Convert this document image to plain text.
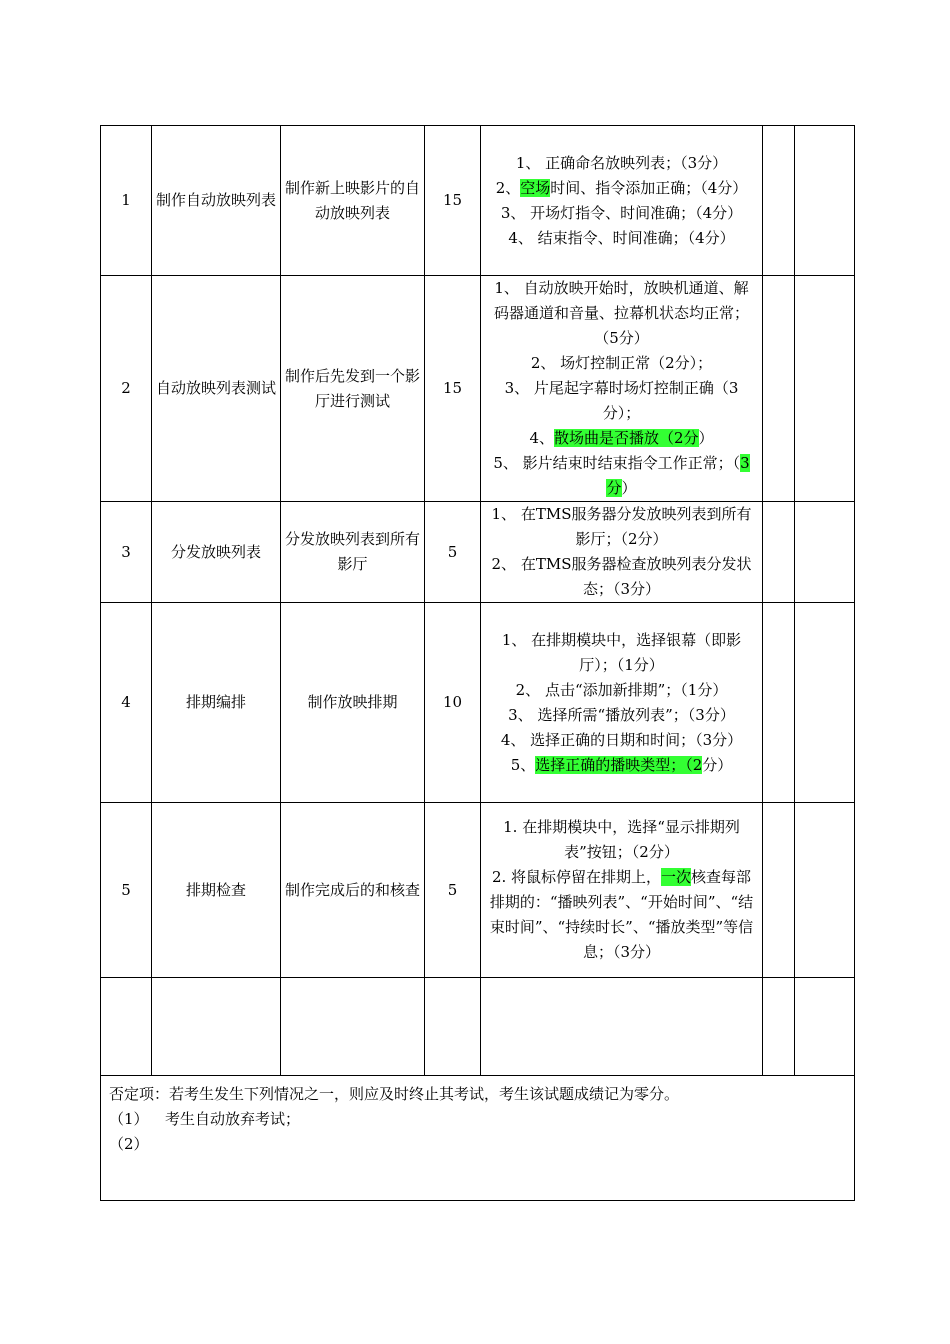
1	制作自动放映列表	制作新上映影片的自动放映列表	15	1、 正确命名放映列表；（3分）
2、空场时间、指令添加正确；（4分）
3、 开场灯指令、时间准确；（4分）
4、 结束指令、时间准确；（4分）		

2	自动放映列表测试	制作后先发到一个影厅进行测试	15	1、 自动放映开始时，放映机通道、解码器通道和音量、拉幕机状态均正常；（5分）
2、 场灯控制正常（2分）；
3、 片尾起字幕时场灯控制正确（3分）；
4、散场曲是否播放（2分）
5、 影片结束时结束指令工作正常；（3分）		

3	分发放映列表	分发放映列表到所有影厅	5	1、 在TMS服务器分发放映列表到所有影厅；（2分）
2、 在TMS服务器检查放映列表分发状态；（3分）		

4	排期编排	制作放映排期	10	1、 在排期模块中，选择银幕（即影厅）；（1分）
2、 点击“添加新排期”；（1分）
3、 选择所需“播放列表”；（3分）
4、 选择正确的日期和时间；（3分）
5、选择正确的播映类型；（2分）		

5	排期检查	制作完成后的和核查	5	1. 在排期模块中，选择“显示排期列表”按钮；（2分）
2. 将鼠标停留在排期上，一次核查每部排期的：“播映列表”、“开始时间”、“结束时间”、“持续时长”、“播放类型”等信息；（3分）		

否定项：若考生发生下列情况之一，则应及时终止其考试，考生该试题成绩记为零分。
（1） 考生自动放弃考试；
（2）						
